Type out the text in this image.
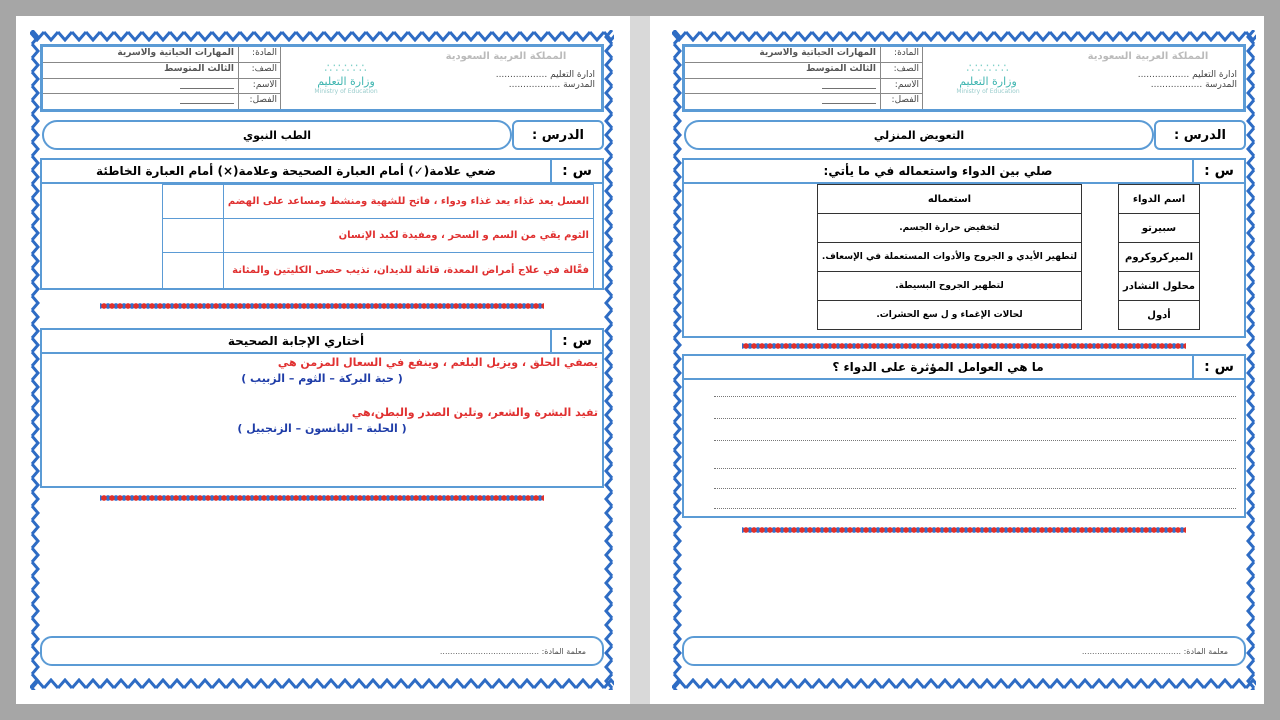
المملكة العربية السعودية
ادارة التعليم ..................
المدرسة ..................
∴∵∴∵∴
وزارة التعليم
Ministry of Education
المادة:
المهارات الحياتية والاسرية
الصف:
الثالث المتوسط
الاسم:
____________
الفصل:
____________
الدرس :
الطب النبوي
س :
ضعي علامة(✓) أمام العبارة الصحيحة وعلامة(×) أمام العبارة الخاطئة
العسل يعد غذاء يعد غذاء ودواء ، فاتح للشهية ومنشط ومساعد على الهضم	
الثوم يقي من السم و السحر ، ومفيدة لكبد الإنسان	
فعَّالة في علاج أمراض المعدة، قاتلة للديدان، تذيب حصى الكليتين والمثانة	
س :
أختاري الإجابة الصحيحة
يصفي الحلق ، ويزيل البلغم ، وينفع في السعال المزمن هي
( حبة البركة – الثوم – الزبيب )
تفيد البشرة والشعر، وتلين الصدر والبطن،هي
( الحلبة – اليانسون – الزنجبيل )
معلمة المادة: .......................................
المملكة العربية السعودية
ادارة التعليم ..................
المدرسة ..................
∴∵∴∵∴
وزارة التعليم
Ministry of Education
المادة:
المهارات الحياتية والاسرية
الصف:
الثالث المتوسط
الاسم:
____________
الفصل:
____________
الدرس :
التعويض المنزلي
س :
صلي بين الدواء واستعماله في ما يأتي:
اسم الدواء		استعماله
سبيرتو		لتخفيض حرارة الجسم.
الميركروكروم		لتطهير الأيدي و الجروح والأدوات المستعملة في الإسعاف.
محلول النشادر		لتطهير الجروح البسيطة.
أدول		لحالات الإغماء و ل سع الحشرات.
س :
ما هي العوامل المؤثرة على الدواء ؟
معلمة المادة: .......................................
